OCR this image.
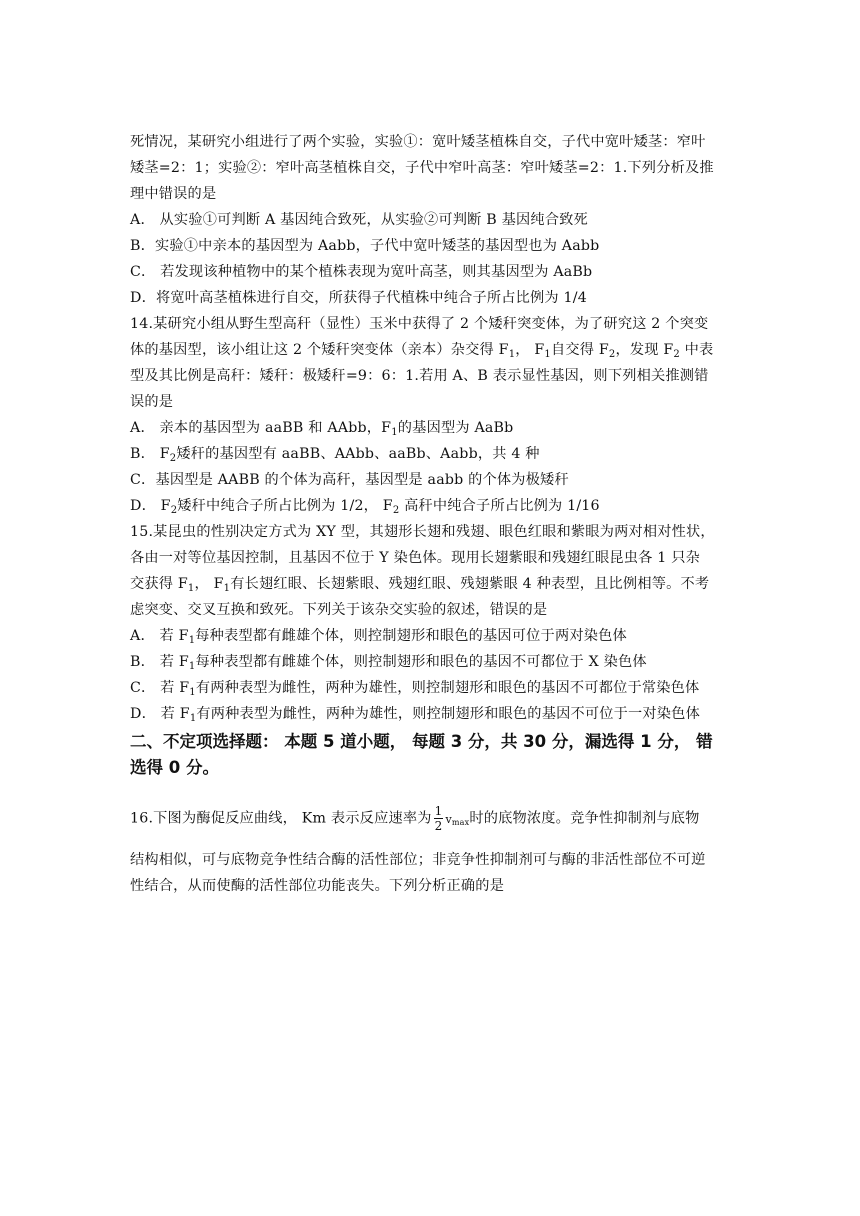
死情况，某研究小组进行了两个实验，实验①：宽叶矮茎植株自交，子代中宽叶矮茎：窄叶
矮茎=2：1；实验②：窄叶高茎植株自交，子代中窄叶高茎：窄叶矮茎=2：1.下列分析及推
理中错误的是
A． 从实验①可判断 A 基因纯合致死，从实验②可判断 B 基因纯合致死
B．实验①中亲本的基因型为 Aabb，子代中宽叶矮茎的基因型也为 Aabb
C． 若发现该种植物中的某个植株表现为宽叶高茎，则其基因型为 AaBb
D．将宽叶高茎植株进行自交，所获得子代植株中纯合子所占比例为 1/4
14.某研究小组从野生型高秆（显性）玉米中获得了 2 个矮秆突变体，为了研究这 2 个突变
体的基因型，该小组让这 2 个矮秆突变体（亲本）杂交得 $F_1$， $F_1$自交得 $F_2$，发现 $F_2$ 中表
型及其比例是高秆：矮秆：极矮秆=9：6：1.若用 A、B 表示显性基因，则下列相关推测错
误的是
A． 亲本的基因型为 aaBB 和 AAbb，$F_1$的基因型为 AaBb
B． $F_2$矮秆的基因型有 aaBB、AAbb、aaBb、Aabb，共 4 种
C．基因型是 AABB 的个体为高秆，基因型是 aabb 的个体为极矮秆
D． $F_2$矮秆中纯合子所占比例为 1/2， $F_2$ 高秆中纯合子所占比例为 1/16
15.某昆虫的性别决定方式为 XY 型，其翅形长翅和残翅、眼色红眼和紫眼为两对相对性状，
各由一对等位基因控制，且基因不位于 Y 染色体。现用长翅紫眼和残翅红眼昆虫各 1 只杂
交获得 $F_1$， $F_1$有长翅红眼、长翅紫眼、残翅红眼、残翅紫眼 4 种表型，且比例相等。不考
虑突变、交叉互换和致死。下列关于该杂交实验的叙述，错误的是
A． 若 $F_1$每种表型都有雌雄个体，则控制翅形和眼色的基因可位于两对染色体
B． 若 $F_1$每种表型都有雌雄个体，则控制翅形和眼色的基因不可都位于 X 染色体
C． 若 $F_1$有两种表型为雌性，两种为雄性，则控制翅形和眼色的基因不可都位于常染色体
D． 若 $F_1$有两种表型为雌性，两种为雄性，则控制翅形和眼色的基因不可位于一对染色体
二、不定项选择题： 本题 5 道小题， 每题 3 分，共 30 分，漏选得 1 分， 错
选得 0 分。
16.下图为酶促反应曲线， Km 表示反应速率为 $\frac{1}{2} v_{max}$时的底物浓度。竞争性抑制剂与底物
结构相似，可与底物竞争性结合酶的活性部位；非竞争性抑制剂可与酶的非活性部位不可逆
性结合，从而使酶的活性部位功能丧失。下列分析正确的是
